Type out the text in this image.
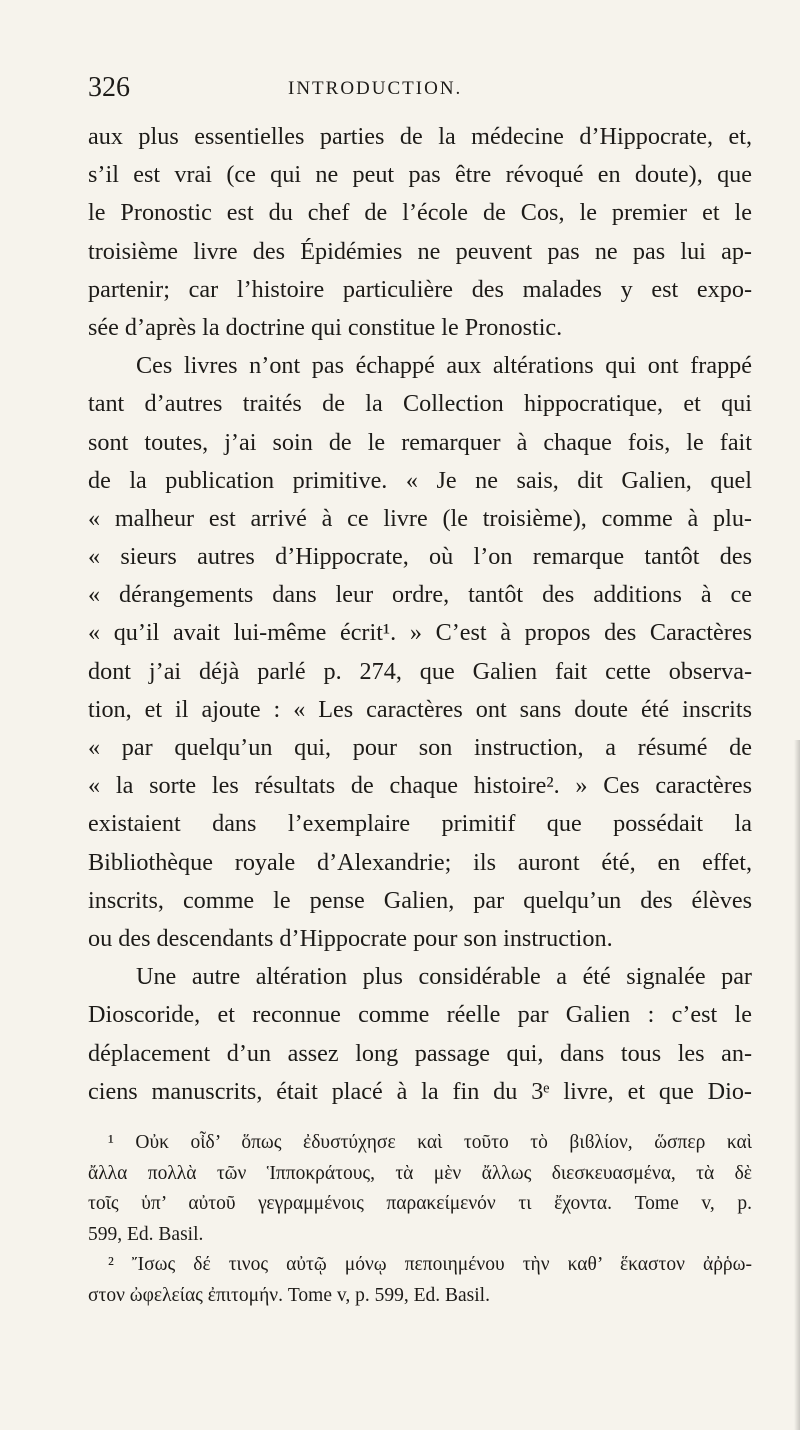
326	INTRODUCTION.
aux plus essentielles parties de la médecine d’Hippocrate, et,
s’il est vrai (ce qui ne peut pas être révoqué en doute), que
le Pronostic est du chef de l’école de Cos, le premier et le
troisième livre des Épidémies ne peuvent pas ne pas lui ap-
partenir; car l’histoire particulière des malades y est expo-
sée d’après la doctrine qui constitue le Pronostic.
Ces livres n’ont pas échappé aux altérations qui ont frappé
tant d’autres traités de la Collection hippocratique, et qui
sont toutes, j’ai soin de le remarquer à chaque fois, le fait
de la publication primitive. « Je ne sais, dit Galien, quel
« malheur est arrivé à ce livre (le troisième), comme à plu-
« sieurs autres d’Hippocrate, où l’on remarque tantôt des
« dérangements dans leur ordre, tantôt des additions à ce
« qu’il avait lui-même écrit¹. » C’est à propos des Caractères
dont j’ai déjà parlé p. 274, que Galien fait cette observa-
tion, et il ajoute : « Les caractères ont sans doute été inscrits
« par quelqu’un qui, pour son instruction, a résumé de
« la sorte les résultats de chaque histoire². » Ces caractères
existaient dans l’exemplaire primitif que possédait la
Bibliothèque royale d’Alexandrie; ils auront été, en effet,
inscrits, comme le pense Galien, par quelqu’un des élèves
ou des descendants d’Hippocrate pour son instruction.
Une autre altération plus considérable a été signalée par
Dioscoride, et reconnue comme réelle par Galien : c’est le
déplacement d’un assez long passage qui, dans tous les an-
ciens manuscrits, était placé à la fin du 3ᵉ livre, et que Dio-
¹ Οὐκ οἶδ’ ὅπως ἐδυστύχησε καὶ τοῦτο τὸ βιϐλίον, ὥσπερ καὶ
ἄλλα πολλὰ τῶν Ἱπποκράτους, τὰ μὲν ἄλλως διεσκευασμένα, τὰ δὲ
τοῖς ὑπ’ αὐτοῦ γεγραμμένοις παρακείμενόν τι ἔχοντα. Tome v, p.
599, Ed. Basil.
² Ἴσως δέ τινος αὐτῷ μόνῳ πεποιημένου τὴν καθ’ ἕκαστον ἀῤῥω-
στον ὠφελείας ἐπιτομήν. Tome v, p. 599, Ed. Basil.
